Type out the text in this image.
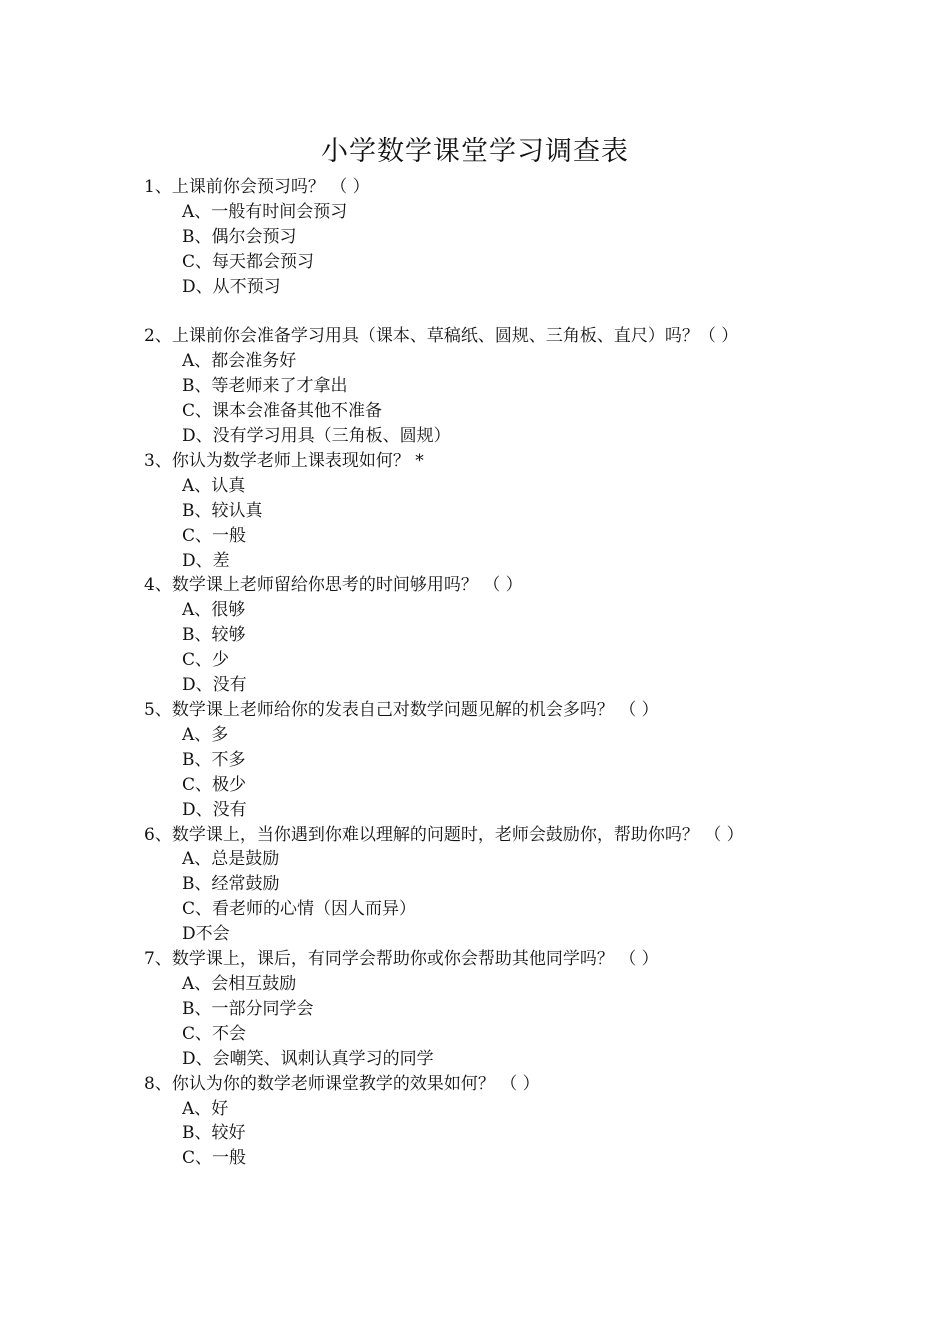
小学数学课堂学习调查表
1、上课前你会预习吗？ （ ）
A、一般有时间会预习
B、偶尔会预习
C、每天都会预习
D、从不预习
2、上课前你会准备学习用具（课本、草稿纸、圆规、三角板、直尺）吗？（ ）
A、都会准务好
B、等老师来了才拿出
C、课本会准备其他不准备
D、没有学习用具（三角板、圆规）
3、你认为数学老师上课表现如何？ *
A、认真
B、较认真
C、一般
D、差
4、数学课上老师留给你思考的时间够用吗？ （ ）
A、很够
B、较够
C、少
D、没有
5、数学课上老师给你的发表自己对数学问题见解的机会多吗？ （ ）
A、多
B、不多
C、极少
D、没有
6、数学课上，当你遇到你难以理解的问题时，老师会鼓励你，帮助你吗？ （ ）
A、总是鼓励
B、经常鼓励
C、看老师的心情（因人而异）
D不会
7、数学课上，课后，有同学会帮助你或你会帮助其他同学吗？ （ ）
A、会相互鼓励
B、一部分同学会
C、不会
D、会嘲笑、讽刺认真学习的同学
8、你认为你的数学老师课堂教学的效果如何？ （ ）
A、好
B、较好
C、一般
